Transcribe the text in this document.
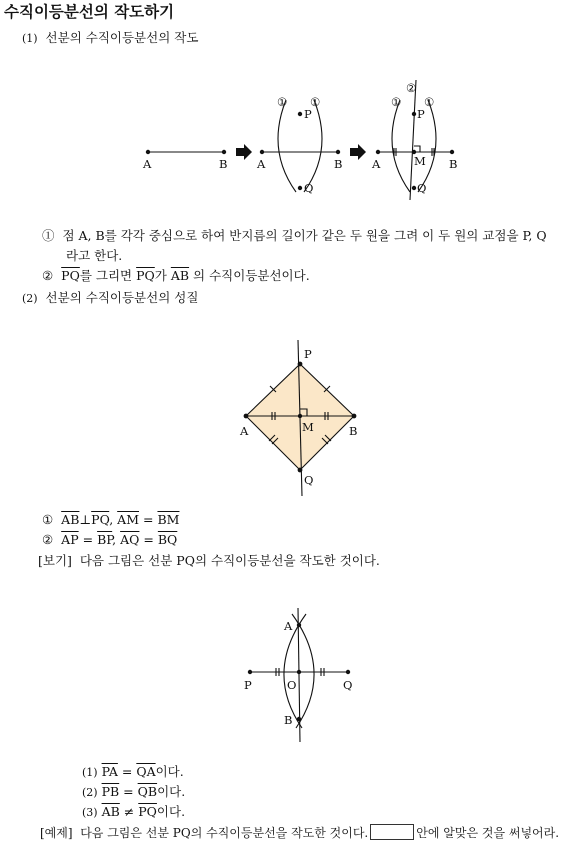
수직이등분선의 작도하기
(1) 선분의 수직이등분선의 작도
A	B	A	B
P
Q
① ①
A	B
P
Q
M
① ①
②
① 점 A, B를 각각 중심으로 하여 반지름의 길이가 같은 두 원을 그려 이 두 원의 교점을 P, Q
라고 한다.
② $\overline{PQ}$를 그리면 $\overline{PQ}$가 $\overline{AB}$ 의 수직이등분선이다.
(2) 선분의 수직이등분선의 성질
P
A	M	B
Q
① $\overline{AB}\perp\overline{PQ}$, $\overline{AM} = \overline{BM}$
② $\overline{AP} = \overline{BP}$, $\overline{AQ} = \overline{BQ}$
[보기] 다음 그림은 선분 PQ의 수직이등분선을 작도한 것이다.
A
P	O	Q
B
(1) $\overline{PA} = \overline{QA}$이다.
(2) $\overline{PB} = \overline{QB}$이다.
(3) $\overline{AB} \ne \overline{PQ}$이다.
[예제] 다음 그림은 선분 PQ의 수직이등분선을 작도한 것이다.	안에 알맞은 것을 써넣어라.
